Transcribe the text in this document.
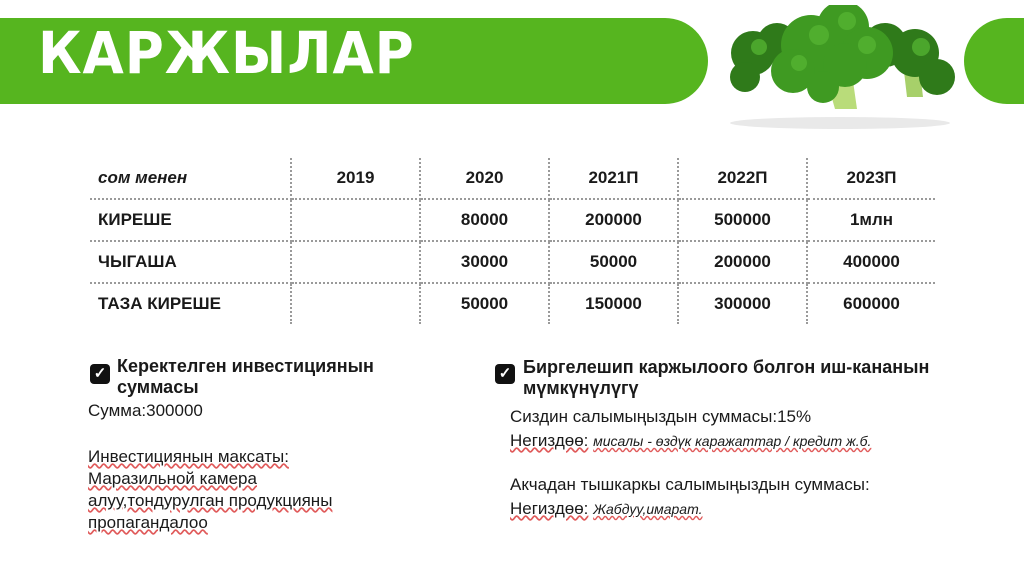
КАРЖЫЛАР
сом менен	2019	2020	2021П	2022П	2023П
КИРЕШЕ		80000	200000	500000	1млн
ЧЫГАША		30000	50000	200000	400000
ТАЗА КИРЕШЕ		50000	150000	300000	600000
✓ Керектелген инвестициянын
суммасы
Сумма:300000
Инвестициянын максаты:
Маразильной камера
алуу,тондурулган продукцияны
пропагандалоо
✓ Биргелешип каржылоого болгон иш-кананын
мүмкүнүлүгү
Сиздин салымыңыздын суммасы:15%
Негиздөө: мисалы - өздүк каражаттар / кредит ж.б.
Акчадан тышкаркы салымыңыздын суммасы:
Негиздөө: Жабдуу,имарат.
